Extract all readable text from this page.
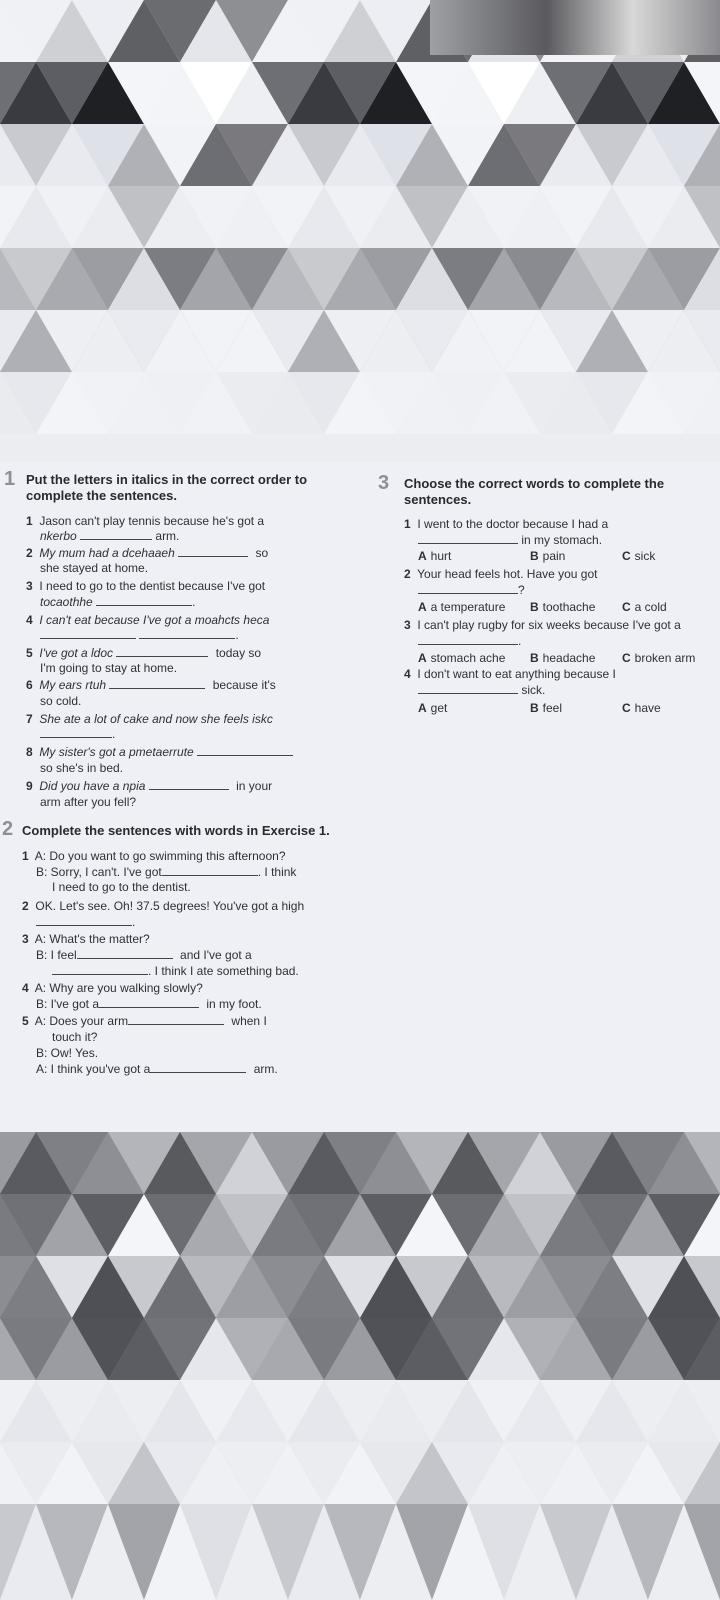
1 Put the letters in italics in the correct order to
complete the sentences.
1 Jason can't play tennis because he's got a
nkerbo	arm.
2 My mum had a dcehaaeh	so
she stayed at home.
3 I need to go to the dentist because I've got
tocaothhe	.
4 I can't eat because I've got a moahcts heca
.
5 I've got a ldoc	today so
I'm going to stay at home.
6 My ears rtuh	because it's
so cold.
7 She ate a lot of cake and now she feels iskc
.
8 My sister's got a pmetaerrute
so she's in bed.
9 Did you have a npia	in your
arm after you fell?
2 Complete the sentences with words in Exercise 1.
1 A: Do you want to go swimming this afternoon?
B: Sorry, I can't. I've got	. I think
I need to go to the dentist.
2 OK. Let's see. Oh! 37.5 degrees! You've got a high
.
3 A: What's the matter?
B: I feel	and I've got a
. I think I ate something bad.
4 A: Why are you walking slowly?
B: I've got a	in my foot.
5 A: Does your arm	when I
touch it?
B: Ow! Yes.
A: I think you've got a	arm.
3 Choose the correct words to complete the
sentences.
1 I went to the doctor because I had a
in my stomach.
A hurt	B pain	C sick
2 Your head feels hot. Have you got
?
A a temperature B toothache C a cold
3 I can't play rugby for six weeks because I've got a
.
A stomach ache B headache C broken arm
4 I don't want to eat anything because I
sick.
A get	B feel	C have
